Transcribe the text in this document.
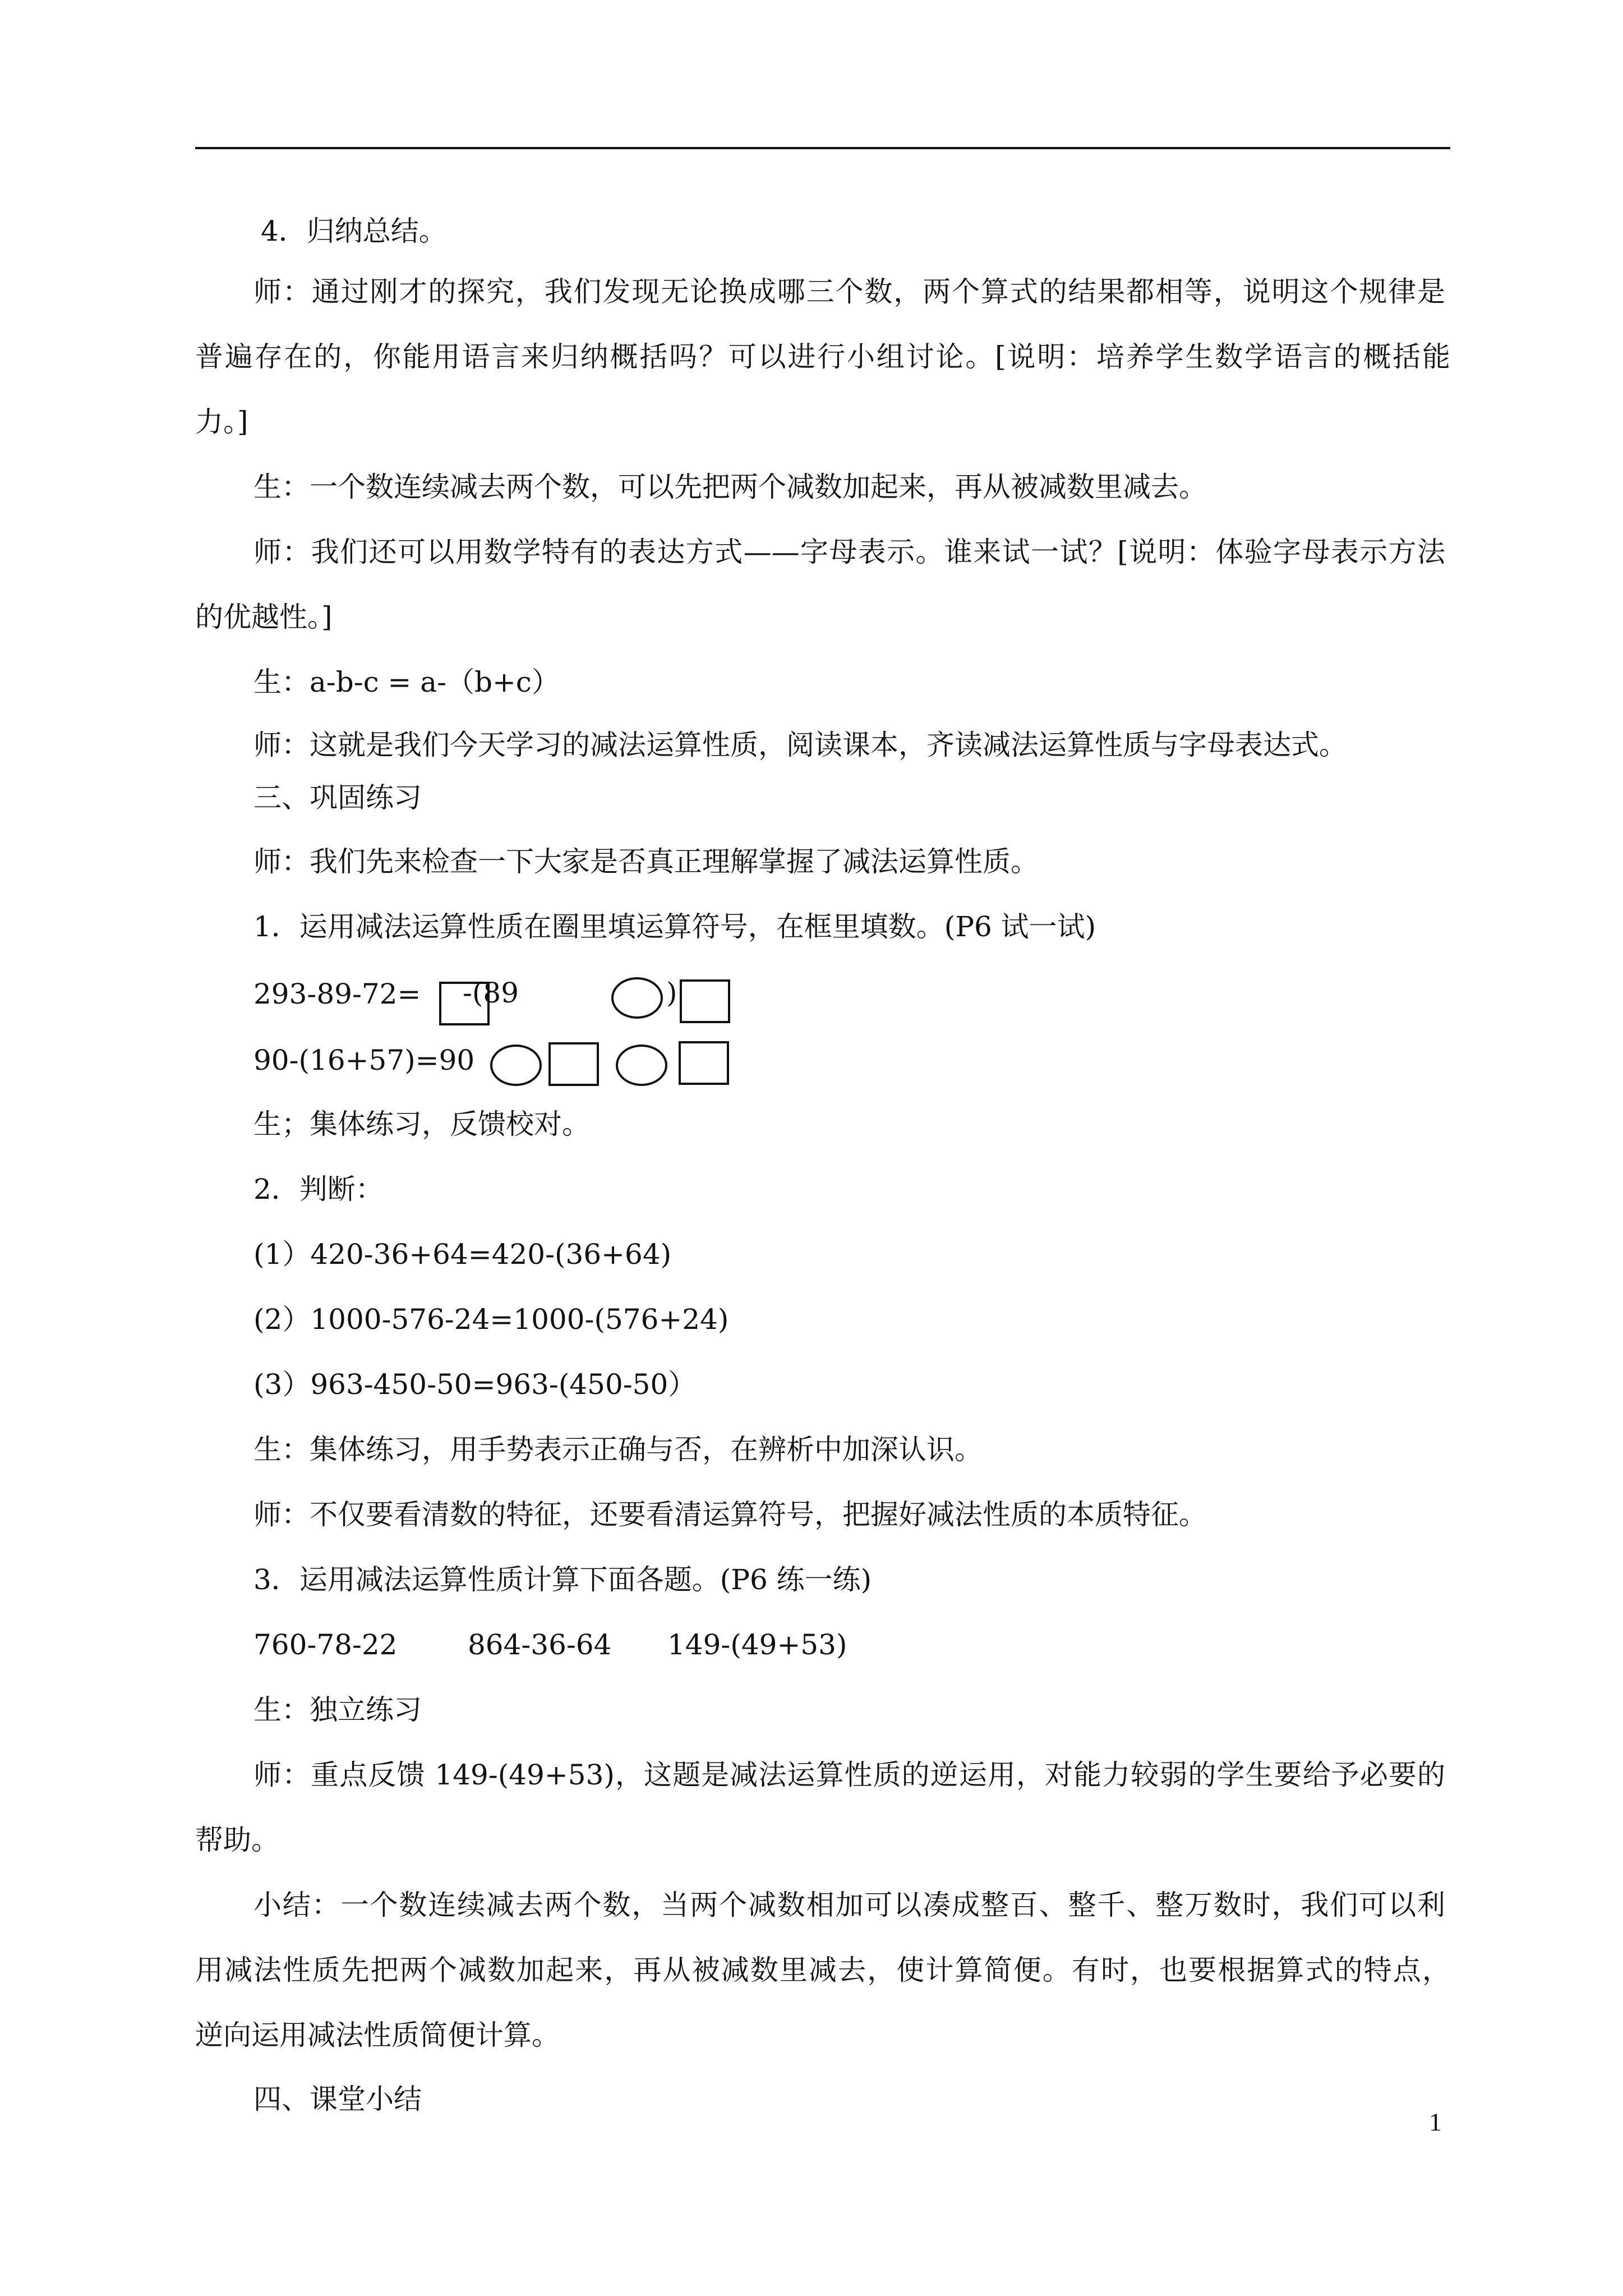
4．归纳总结。
师：通过刚才的探究，我们发现无论换成哪三个数，两个算式的结果都相等，说明这个规律是
普遍存在的，你能用语言来归纳概括吗？可以进行小组讨论。[说明：培养学生数学语言的概括能
力。]
生：一个数连续减去两个数，可以先把两个减数加起来，再从被减数里减去。
师：我们还可以用数学特有的表达方式——字母表示。谁来试一试？[说明：体验字母表示方法
的优越性。]
生：a-b-c = a-（b+c）
师：这就是我们今天学习的减法运算性质，阅读课本，齐读减法运算性质与字母表达式。
三、巩固练习
师：我们先来检查一下大家是否真正理解掌握了减法运算性质。
1．运用减法运算性质在圈里填运算符号，在框里填数。(P6 试一试)
293-89-72= -(89	)
90-(16+57)=90
生；集体练习，反馈校对。
2．判断：
(1）420-36+64=420-(36+64)
(2）1000-576-24=1000-(576+24)
(3）963-450-50=963-(450-50）
生：集体练习，用手势表示正确与否，在辨析中加深认识。
师：不仅要看清数的特征，还要看清运算符号，把握好减法性质的本质特征。
3．运用减法运算性质计算下面各题。(P6 练一练)
760-78-22	864-36-64 149-(49+53)
生：独立练习
师：重点反馈 149-(49+53)，这题是减法运算性质的逆运用，对能力较弱的学生要给予必要的
帮助。
小结：一个数连续减去两个数，当两个减数相加可以凑成整百、整千、整万数时，我们可以利
用减法性质先把两个减数加起来，再从被减数里减去，使计算简便。有时，也要根据算式的特点，
逆向运用减法性质简便计算。
四、课堂小结
1
